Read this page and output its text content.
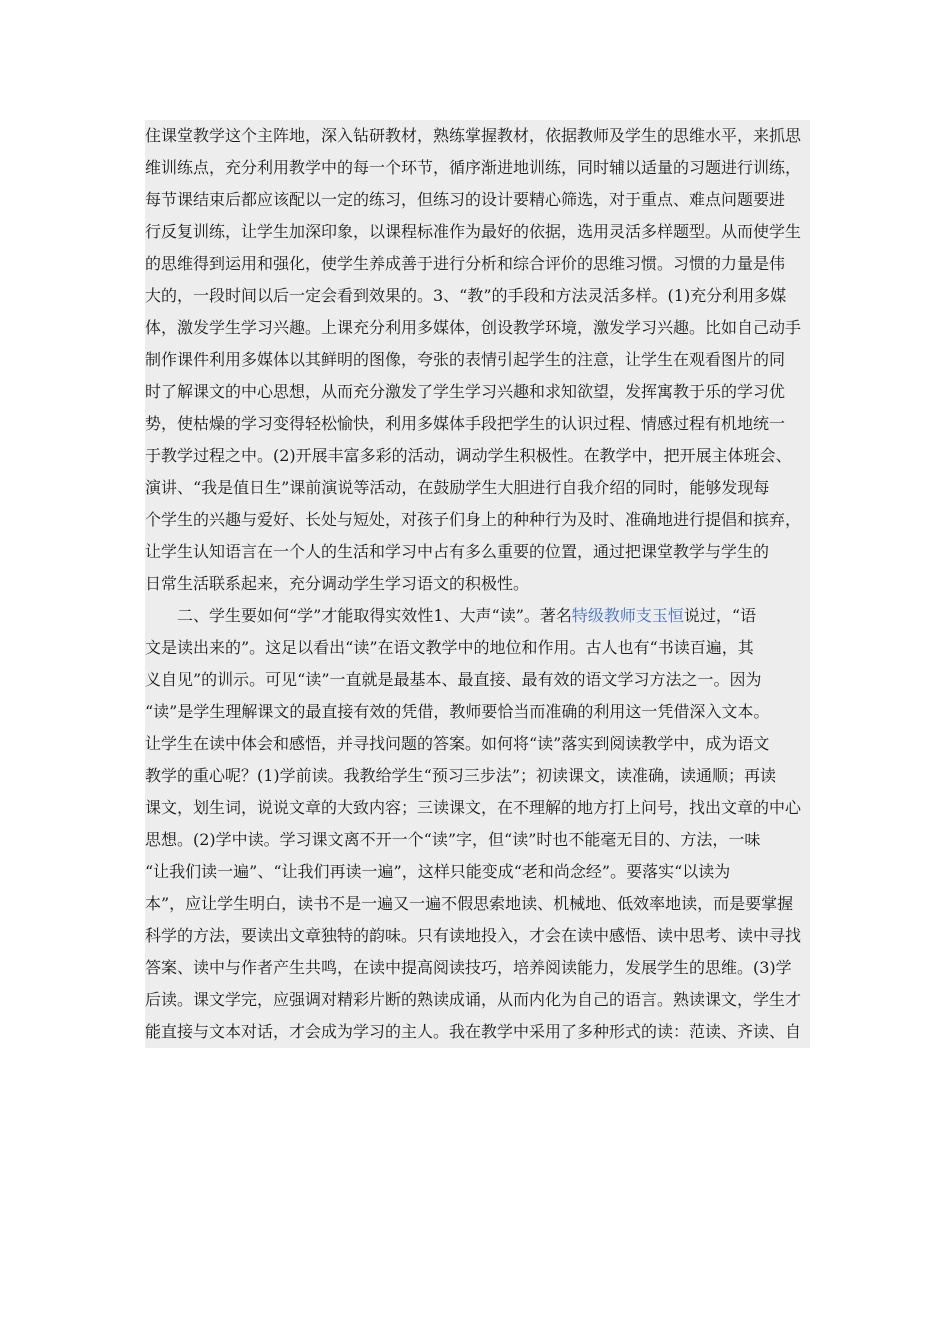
住课堂教学这个主阵地，深入钻研教材，熟练掌握教材，依据教师及学生的思维水平，来抓思
维训练点，充分利用教学中的每一个环节，循序渐进地训练，同时辅以适量的习题进行训练，
每节课结束后都应该配以一定的练习，但练习的设计要精心筛选，对于重点、难点问题要进
行反复训练，让学生加深印象，以课程标准作为最好的依据，选用灵活多样题型。从而使学生
的思维得到运用和强化，使学生养成善于进行分析和综合评价的思维习惯。习惯的力量是伟
大的，一段时间以后一定会看到效果的。3、“教”的手段和方法灵活多样。(1)充分利用多媒
体，激发学生学习兴趣。上课充分利用多媒体，创设教学环境，激发学习兴趣。比如自己动手
制作课件利用多媒体以其鲜明的图像，夸张的表情引起学生的注意，让学生在观看图片的同
时了解课文的中心思想，从而充分激发了学生学习兴趣和求知欲望，发挥寓教于乐的学习优
势，使枯燥的学习变得轻松愉快，利用多媒体手段把学生的认识过程、情感过程有机地统一
于教学过程之中。(2)开展丰富多彩的活动，调动学生积极性。在教学中，把开展主体班会、
演讲、“我是值日生”课前演说等活动，在鼓励学生大胆进行自我介绍的同时，能够发现每
个学生的兴趣与爱好、长处与短处，对孩子们身上的种种行为及时、准确地进行提倡和摈弃，
让学生认知语言在一个人的生活和学习中占有多么重要的位置，通过把课堂教学与学生的
日常生活联系起来，充分调动学生学习语文的积极性。
二、学生要如何“学”才能取得实效性1、大声“读”。著名特级教师支玉恒说过，“语
文是读出来的”。这足以看出“读”在语文教学中的地位和作用。古人也有“书读百遍，其
义自见”的训示。可见“读”一直就是最基本、最直接、最有效的语文学习方法之一。因为
“读”是学生理解课文的最直接有效的凭借，教师要恰当而准确的利用这一凭借深入文本。
让学生在读中体会和感悟，并寻找问题的答案。如何将“读”落实到阅读教学中，成为语文
教学的重心呢？(1)学前读。我教给学生“预习三步法”；初读课文，读准确，读通顺；再读
课文，划生词，说说文章的大致内容；三读课文，在不理解的地方打上问号，找出文章的中心
思想。(2)学中读。学习课文离不开一个“读”字，但“读”时也不能毫无目的、方法，一味
“让我们读一遍”、“让我们再读一遍”，这样只能变成“老和尚念经”。要落实“以读为
本”，应让学生明白，读书不是一遍又一遍不假思索地读、机械地、低效率地读，而是要掌握
科学的方法，要读出文章独特的韵味。只有读地投入，才会在读中感悟、读中思考、读中寻找
答案、读中与作者产生共鸣，在读中提高阅读技巧，培养阅读能力，发展学生的思维。(3)学
后读。课文学完，应强调对精彩片断的熟读成诵，从而内化为自己的语言。熟读课文，学生才
能直接与文本对话，才会成为学习的主人。我在教学中采用了多种形式的读：范读、齐读、自
